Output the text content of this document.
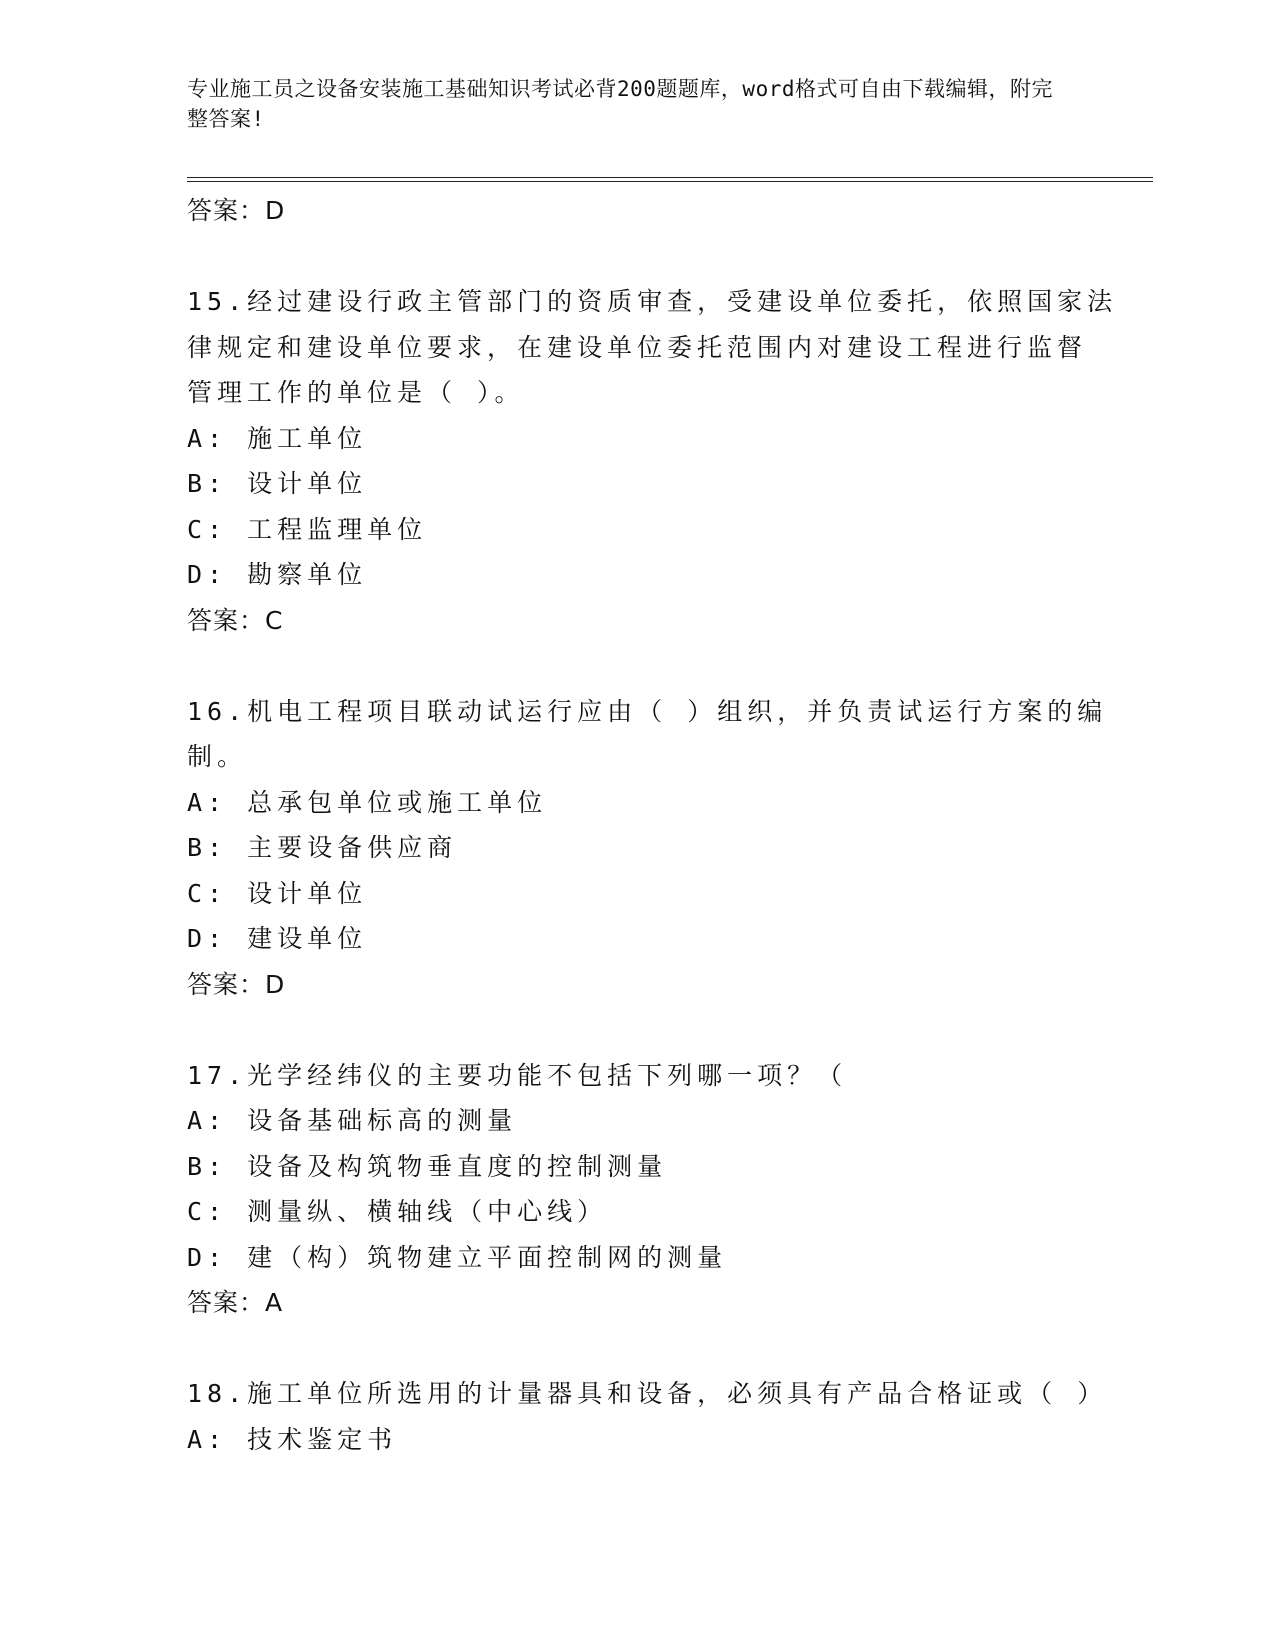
专业施工员之设备安装施工基础知识考试必背200题题库，word格式可自由下载编辑，附完整答案!
答案：D
15.经过建设行政主管部门的资质审查，受建设单位委托，依照国家法
律规定和建设单位要求，在建设单位委托范围内对建设工程进行监督
管理工作的单位是（ ）。
A: 施工单位
B: 设计单位
C: 工程监理单位
D: 勘察单位
答案：C
16.机电工程项目联动试运行应由（ ）组织，并负责试运行方案的编
制。
A: 总承包单位或施工单位
B: 主要设备供应商
C: 设计单位
D: 建设单位
答案：D
17.光学经纬仪的主要功能不包括下列哪一项？（
A: 设备基础标高的测量
B: 设备及构筑物垂直度的控制测量
C: 测量纵、横轴线（中心线）
D: 建（构）筑物建立平面控制网的测量
答案：A
18.施工单位所选用的计量器具和设备，必须具有产品合格证或（ ）
A: 技术鉴定书
